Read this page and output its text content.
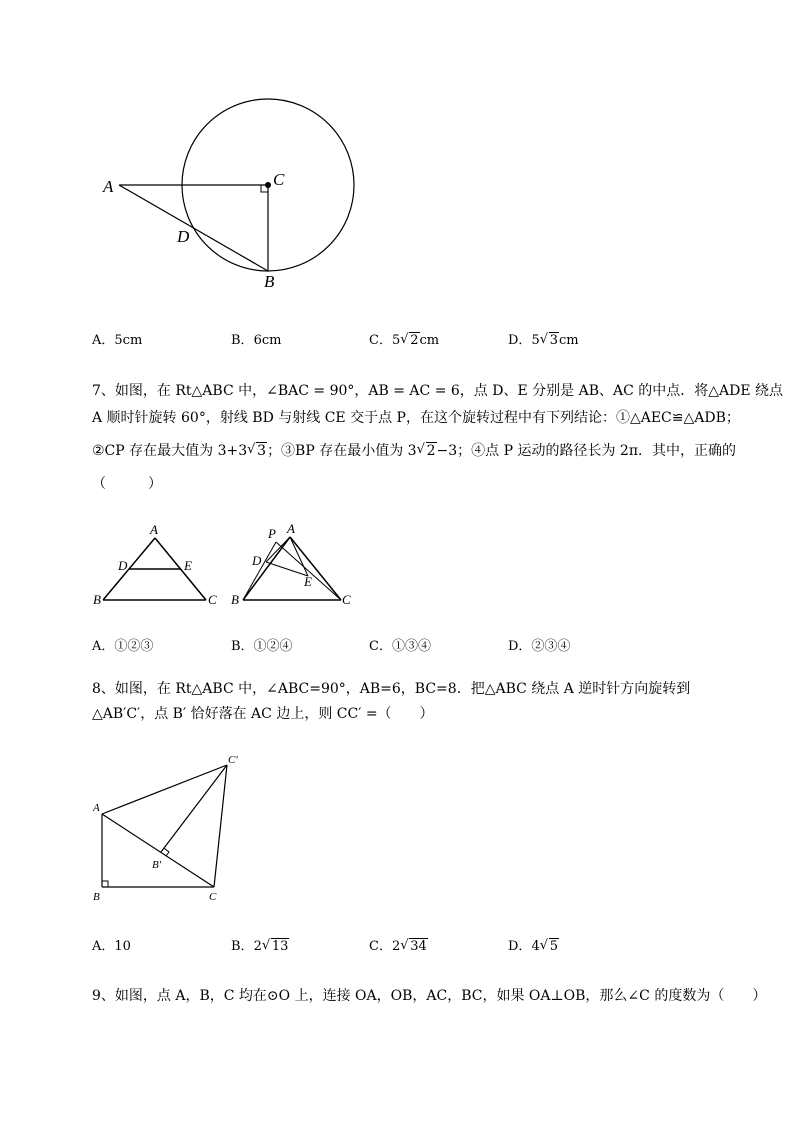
A	C
D
B
A．5cm	B．6cm	C．5 √ 2cm	D．5 √ 3cm
7、如图，在 Rt△ABC 中，∠BAC = 90°，AB = AC = 6，点 D、E 分别是 AB、AC 的中点．将△ADE 绕点
A 顺时针旋转 60°，射线 BD 与射线 CE 交于点 P，在这个旋转过程中有下列结论：①△AEC≌△ADB；
②CP 存在最大值为 3+3 √ 3；③BP 存在最小值为 3 √ 2−3；④点 P 运动的路径长为 2π．其中，正确的
（　　　）
A
D	E
B	C
P A
D
E
B	C
A．①②③	B．①②④	C．①③④	D．②③④
8、如图，在 Rt△ABC 中，∠ABC=90°，AB=6，BC=8．把△ABC 绕点 A 逆时针方向旋转到
△AB′C′，点 B′ 恰好落在 AC 边上，则 CC′ =（　　）
C′
A
B′
B	C
A．10	B．2 √ 13	C．2 √ 34	D．4 √ 5
9、如图，点 A，B，C 均在⊙O 上，连接 OA，OB，AC，BC，如果 OA⊥OB，那么∠C 的度数为（　　）
